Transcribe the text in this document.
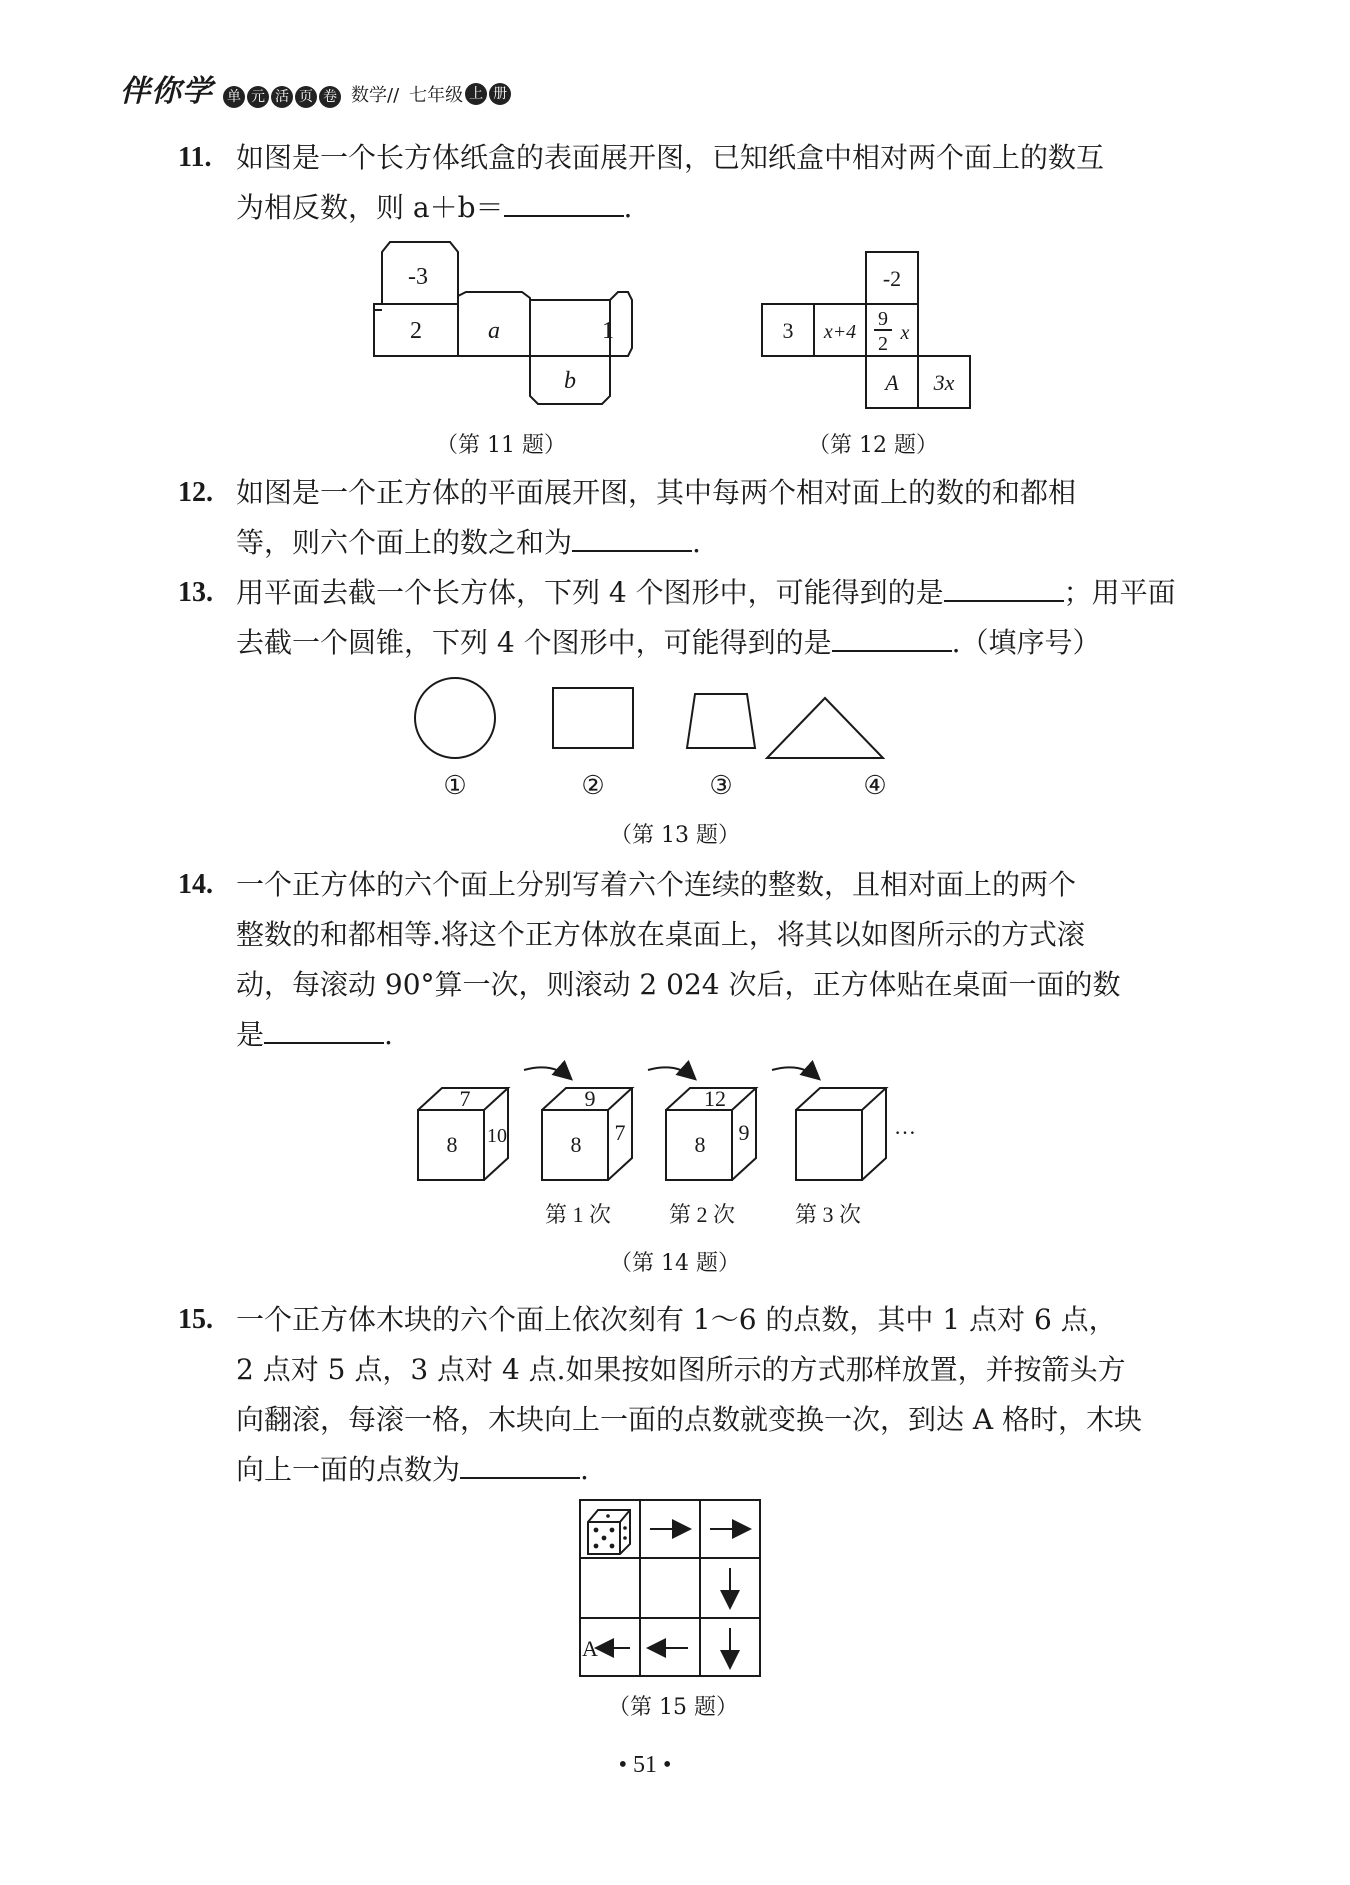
伴你学 单 元 活 页 卷 数学// 七年级 上 册
11. 如图是一个长方体纸盒的表面展开图，已知纸盒中相对两个面上的数互
为相反数，则 a＋b＝	.
-3
2	a	1
b
（第 11 题）
-2
3 x+4
9
2 x
A 3x
（第 12 题）
12. 如图是一个正方体的平面展开图，其中每两个相对面上的数的和都相
等，则六个面上的数之和为	.
13. 用平面去截一个长方体，下列 4 个图形中，可能得到的是	；用平面
去截一个圆锥，下列 4 个图形中，可能得到的是	.（填序号）
①	②	③	④
（第 13 题）
14. 一个正方体的六个面上分别写着六个连续的整数，且相对面上的两个
整数的和都相等.将这个正方体放在桌面上，将其以如图所示的方式滚
动，每滚动 90°算一次，则滚动 2 024 次后，正方体贴在桌面一面的数
是	.
7
8 10
9
8 7
12
8 9	…
第 1 次	第 2 次	第 3 次
（第 14 题）
15. 一个正方体木块的六个面上依次刻有 1～6 的点数，其中 1 点对 6 点，
2 点对 5 点，3 点对 4 点.如果按如图所示的方式那样放置，并按箭头方
向翻滚，每滚一格，木块向上一面的点数就变换一次，到达 A 格时，木块
向上一面的点数为	.
A
（第 15 题）
• 51 •
